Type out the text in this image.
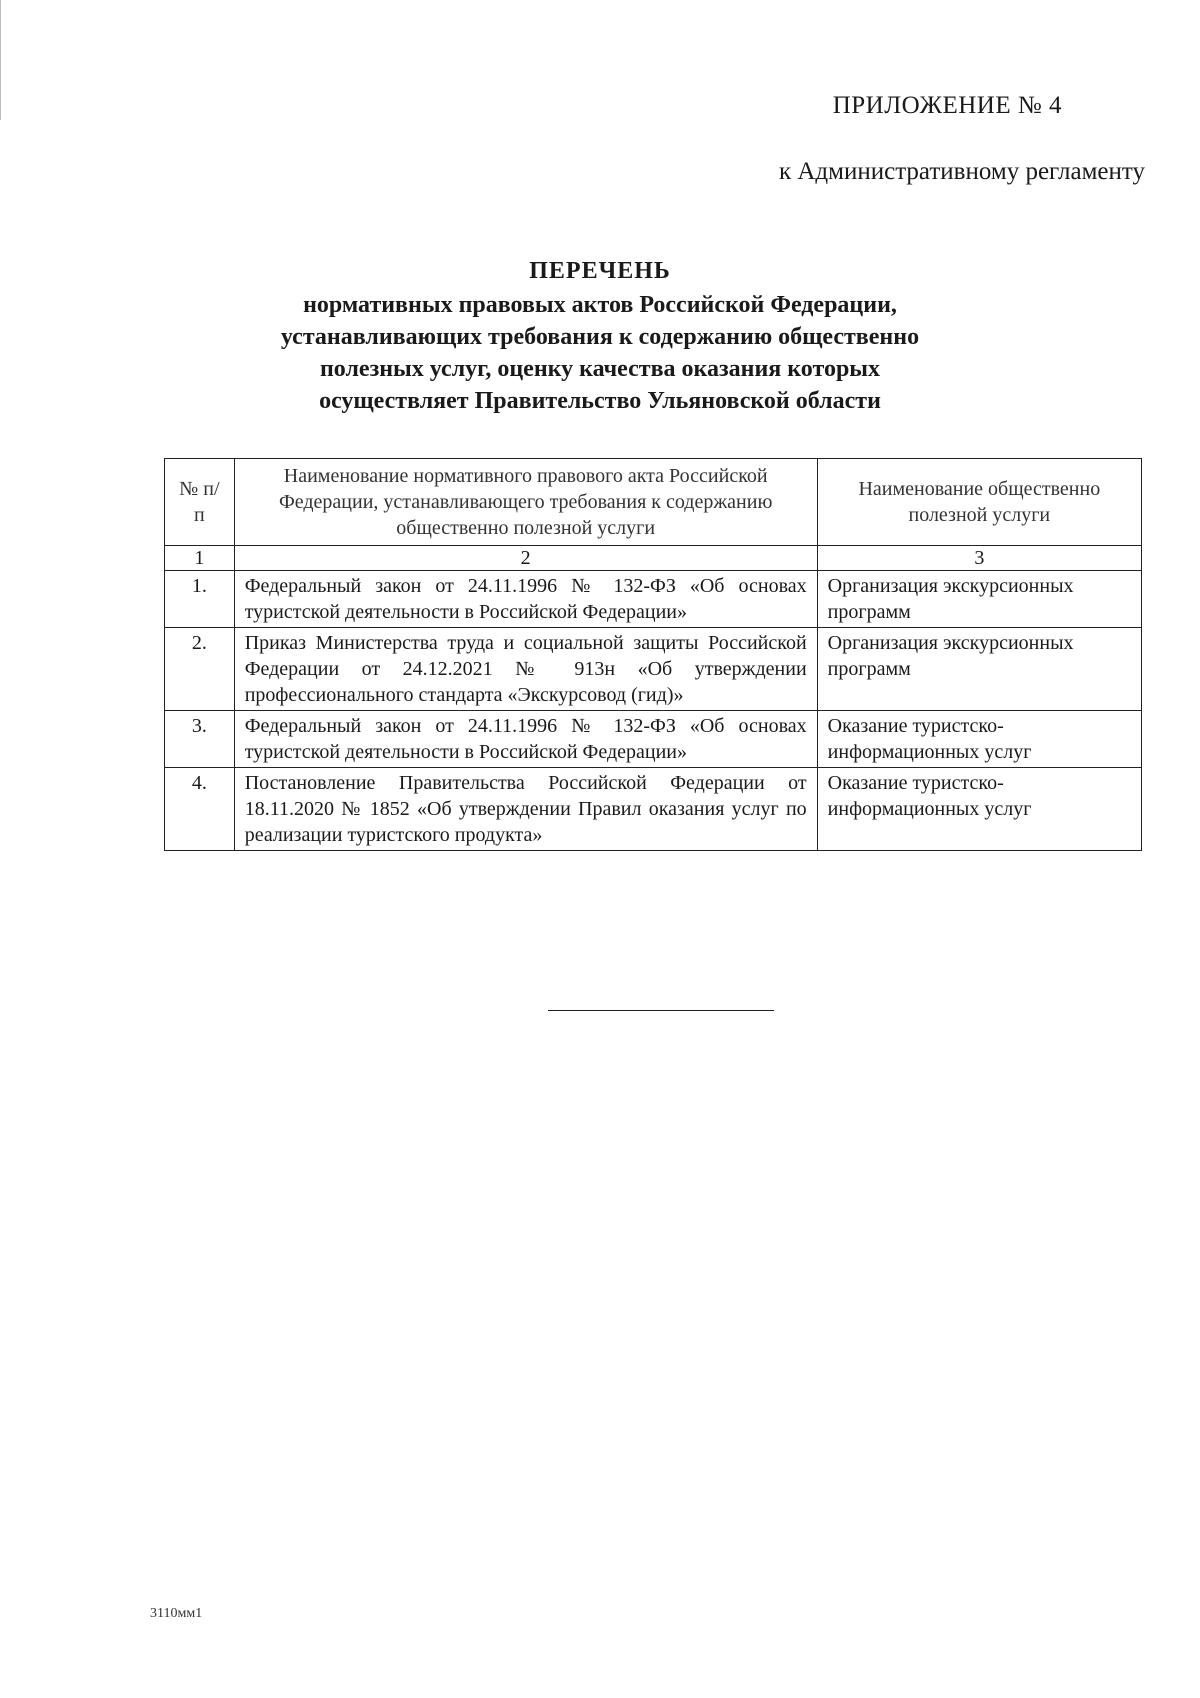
ПРИЛОЖЕНИЕ № 4
к Административному регламенту
ПЕРЕЧЕНЬ
нормативных правовых актов Российской Федерации,
устанавливающих требования к содержанию общественно
полезных услуг, оценку качества оказания которых
осуществляет Правительство Ульяновской области
№ п/п	Наименование нормативного правового акта Российской Федерации, устанавливающего требования к содержанию общественно полезной услуги	Наименование общественно полезной услуги
1	2	3
1.	Федеральный закон от 24.11.1996 № 132-ФЗ «Об основах туристской деятельности в Российской Федерации»	Организация экскурсионных программ
2.	Приказ Министерства труда и социальной защиты Российской Федерации от 24.12.2021 № 913н «Об утверждении профессионального стандарта «Экскурсовод (гид)»	Организация экскурсионных программ
3.	Федеральный закон от 24.11.1996 № 132-ФЗ «Об основах туристской деятельности в Российской Федерации»	Оказание туристско-информационных услуг
4.	Постановление Правительства Российской Федерации от 18.11.2020 № 1852 «Об утверждении Правил оказания услуг по реализации туристского продукта»	Оказание туристско-информационных услуг
3110мм1
